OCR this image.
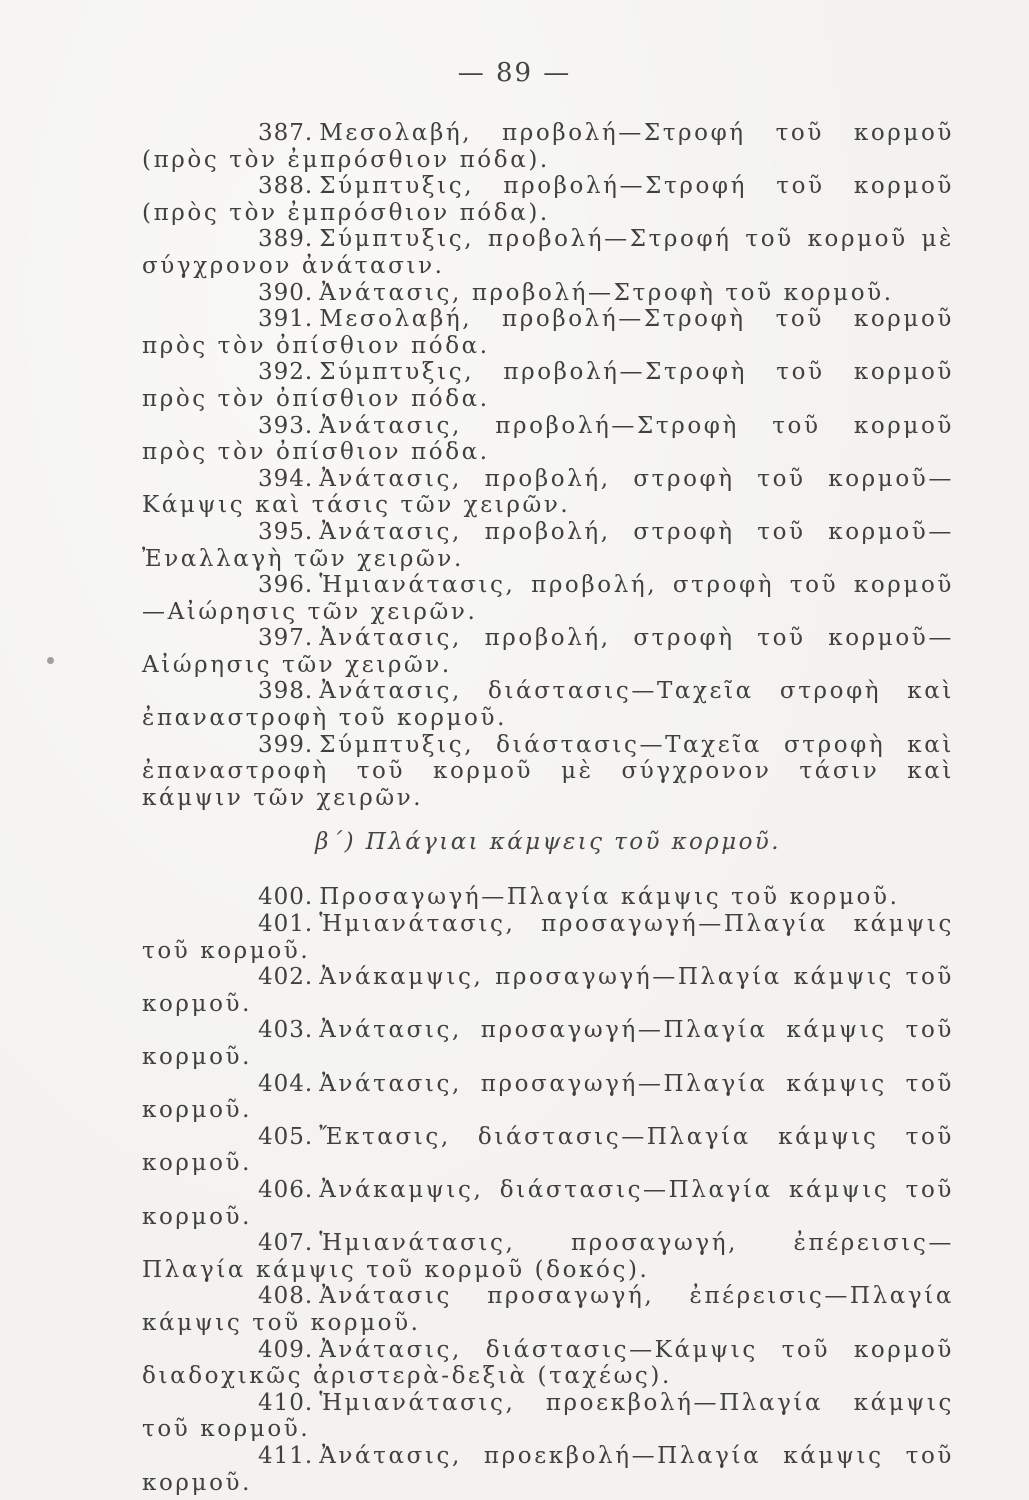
— 89 —

387. Μεσολαβή, προβολή—Στροφή τοῦ κορμοῦ (πρὸς τὸν ἐμπρόσθιον πόδα).

388. Σύμπτυξις, προβολή—Στροφή τοῦ κορμοῦ (πρὸς τὸν ἐμπρόσθιον πόδα).

389. Σύμπτυξις, προβολή—Στροφή τοῦ κορμοῦ μὲ σύγχρονον ἀνάτασιν.

390. Ἀνάτασις, προβολή—Στροφὴ τοῦ κορμοῦ.

391. Μεσολαβή, προβολή—Στροφὴ τοῦ κορμοῦ πρὸς τὸν ὀπίσθιον πόδα.

392. Σύμπτυξις, προβολή—Στροφὴ τοῦ κορμοῦ πρὸς τὸν ὀπίσθιον πόδα.

393. Ἀνάτασις, προβολή—Στροφὴ τοῦ κορμοῦ πρὸς τὸν ὀπίσθιον πόδα.

394. Ἀνάτασις, προβολή, στροφὴ τοῦ κορμοῦ—Κάμψις καὶ τάσις τῶν χειρῶν.

395. Ἀνάτασις, προβολή, στροφὴ τοῦ κορμοῦ—Ἐναλλαγὴ τῶν χειρῶν.

396. Ἡμιανάτασις, προβολή, στροφὴ τοῦ κορμοῦ—Αἰώρησις τῶν χειρῶν.

397. Ἀνάτασις, προβολή, στροφὴ τοῦ κορμοῦ—Αἰώρησις τῶν χειρῶν.

398. Ἀνάτασις, διάστασις—Ταχεῖα στροφὴ καὶ ἐπαναστροφὴ τοῦ κορμοῦ.

399. Σύμπτυξις, διάστασις—Ταχεῖα στροφὴ καὶ ἐπαναστροφὴ τοῦ κορμοῦ μὲ σύγχρονον τάσιν καὶ κάμψιν τῶν χειρῶν.

β΄) Πλάγιαι κάμψεις τοῦ κορμοῦ.

400. Προσαγωγή—Πλαγία κάμψις τοῦ κορμοῦ.

401. Ἡμιανάτασις, προσαγωγή—Πλαγία κάμψις τοῦ κορμοῦ.

402. Ἀνάκαμψις, προσαγωγή—Πλαγία κάμψις τοῦ κορμοῦ.

403. Ἀνάτασις, προσαγωγή—Πλαγία κάμψις τοῦ κορμοῦ.

404. Ἀνάτασις, προσαγωγή—Πλαγία κάμψις τοῦ κορμοῦ.

405. Ἔκτασις, διάστασις—Πλαγία κάμψις τοῦ κορμοῦ.

406. Ἀνάκαμψις, διάστασις—Πλαγία κάμψις τοῦ κορμοῦ.

407. Ἡμιανάτασις, προσαγωγή, ἐπέρεισις—Πλαγία κάμψις τοῦ κορμοῦ (δοκός).

408. Ἀνάτασις προσαγωγή, ἐπέρεισις—Πλαγία κάμψις τοῦ κορμοῦ.

409. Ἀνάτασις, διάστασις—Κάμψις τοῦ κορμοῦ διαδοχικῶς ἀριστερὰ-δεξιὰ (ταχέως).

410. Ἡμιανάτασις, προεκβολή—Πλαγία κάμψις τοῦ κορμοῦ.

411. Ἀνάτασις, προεκβολή—Πλαγία κάμψις τοῦ κορμοῦ.
